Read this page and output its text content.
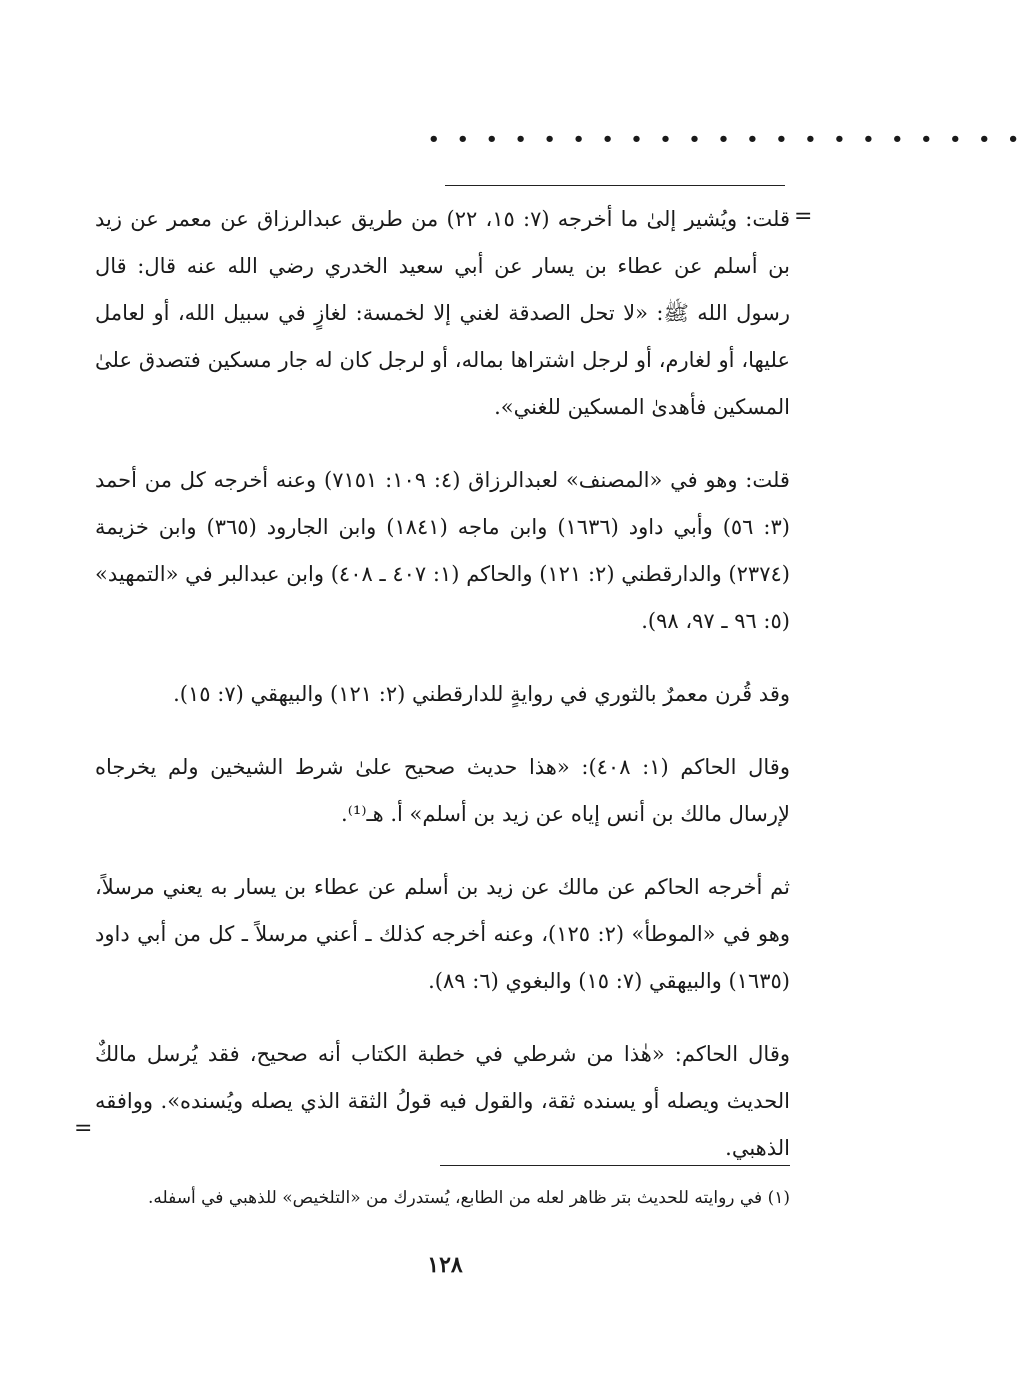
• • • • • • • • • • • • • • • • • • • • •
=

قلت: ويُشير إلىٰ ما أخرجه (٧: ١٥، ٢٢) من طريق عبدالرزاق عن معمر عن زيد بن أسلم عن عطاء بن يسار عن أبي سعيد الخدري رضي الله عنه قال: قال رسول الله ﷺ: «لا تحل الصدقة لغني إلا لخمسة: لغازٍ في سبيل الله، أو لعامل عليها، أو لغارم، أو لرجل اشتراها بماله، أو لرجل كان له جار مسكين فتصدق علىٰ المسكين فأهدىٰ المسكين للغني».

قلت: وهو في «المصنف» لعبدالرزاق (٤: ١٠٩: ٧١٥١) وعنه أخرجه كل من أحمد (٣: ٥٦) وأبي داود (١٦٣٦) وابن ماجه (١٨٤١) وابن الجارود (٣٦٥) وابن خزيمة (٢٣٧٤) والدارقطني (٢: ١٢١) والحاكم (١: ٤٠٧ ـ ٤٠٨) وابن عبدالبر في «التمهيد» (٥: ٩٦ ـ ٩٧، ٩٨).

وقد قُرن معمرٌ بالثوري في روايةٍ للدارقطني (٢: ١٢١) والبيهقي (٧: ١٥).

وقال الحاكم (١: ٤٠٨): «هذا حديث صحيح علىٰ شرط الشيخين ولم يخرجاه لإرسال مالك بن أنس إياه عن زيد بن أسلم» أ. هـ⁽¹⁾.

ثم أخرجه الحاكم عن مالك عن زيد بن أسلم عن عطاء بن يسار به يعني مرسلاً، وهو في «الموطأ» (٢: ١٢٥)، وعنه أخرجه كذلك ـ أعني مرسلاً ـ كل من أبي داود (١٦٣٥) والبيهقي (٧: ١٥) والبغوي (٦: ٨٩).

وقال الحاكم: «هٰذا من شرطي في خطبة الكتاب أنه صحيح، فقد يُرسل مالكٌ الحديث ويصله أو يسنده ثقة، والقول فيه قولُ الثقة الذي يصله ويُسنده». ووافقه الذهبي.

=
(١) في روايته للحديث بتر ظاهر لعله من الطابع، يُستدرك من «التلخيص» للذهبي في أسفله.
١٢٨
